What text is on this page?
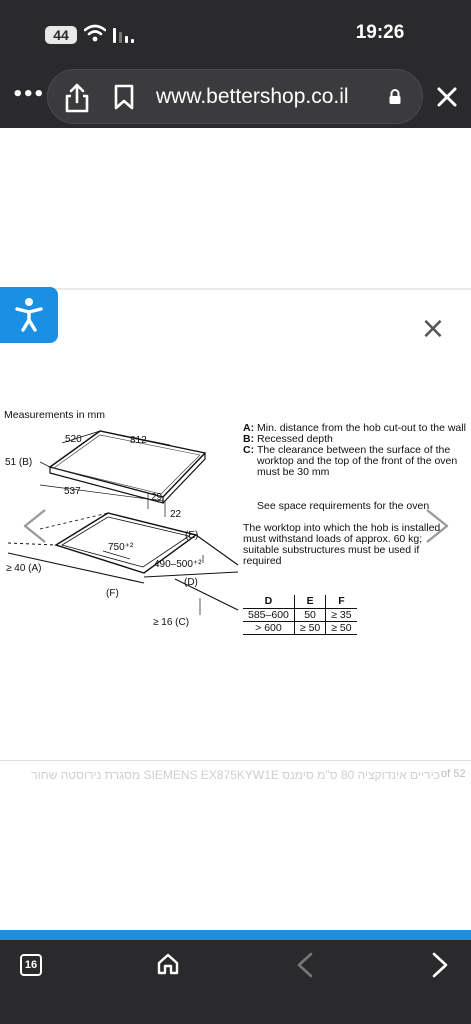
44	19:26
•••	www.bettershop.co.il
×
Measurements in mm
520	812
51 (B)
537
29
22
(E)
750⁺²
490–500⁺²
(D)
≥ 40 (A)
(F)
≥ 16 (C)
A: Min. distance from the hob cut-out to the wall
B: Recessed depth
C: The clearance between the surface of the worktop and the top of the front of the oven must be 30 mm
See space requirements for the oven
The worktop into which the hob is installed must withstand loads of approx. 60 kg; suitable substructures must be used if required
D	E	F
585–600	50	≥ 35
> 600	≥ 50	≥ 50
כיריים אינדוקציה 80 ס"מ סימנס SIEMENS EX875KYW1E מסגרת נירוסטה שחור of 52
16
